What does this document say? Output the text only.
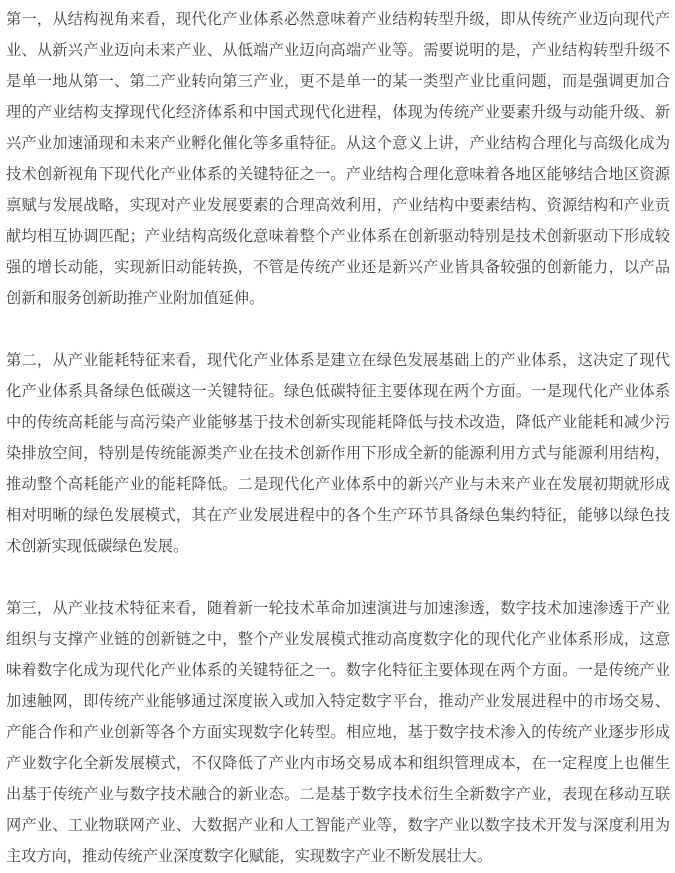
第一，从结构视角来看，现代化产业体系必然意味着产业结构转型升级，即从传统产业迈向现代产业、从新兴产业迈向未来产业、从低端产业迈向高端产业等。需要说明的是，产业结构转型升级不是单一地从第一、第二产业转向第三产业，更不是单一的某一类型产业比重问题，而是强调更加合理的产业结构支撑现代化经济体系和中国式现代化进程，体现为传统产业要素升级与动能升级、新兴产业加速涌现和未来产业孵化催化等多重特征。从这个意义上讲，产业结构合理化与高级化成为技术创新视角下现代化产业体系的关键特征之一。产业结构合理化意味着各地区能够结合地区资源禀赋与发展战略，实现对产业发展要素的合理高效利用，产业结构中要素结构、资源结构和产业贡献均相互协调匹配；产业结构高级化意味着整个产业体系在创新驱动特别是技术创新驱动下形成较强的增长动能，实现新旧动能转换，不管是传统产业还是新兴产业皆具备较强的创新能力，以产品创新和服务创新助推产业附加值延伸。

第二，从产业能耗特征来看，现代化产业体系是建立在绿色发展基础上的产业体系，这决定了现代化产业体系具备绿色低碳这一关键特征。绿色低碳特征主要体现在两个方面。一是现代化产业体系中的传统高耗能与高污染产业能够基于技术创新实现能耗降低与技术改造，降低产业能耗和减少污染排放空间，特别是传统能源类产业在技术创新作用下形成全新的能源利用方式与能源利用结构，推动整个高耗能产业的能耗降低。二是现代化产业体系中的新兴产业与未来产业在发展初期就形成相对明晰的绿色发展模式，其在产业发展进程中的各个生产环节具备绿色集约特征，能够以绿色技术创新实现低碳绿色发展。

第三，从产业技术特征来看，随着新一轮技术革命加速演进与加速渗透，数字技术加速渗透于产业组织与支撑产业链的创新链之中，整个产业发展模式推动高度数字化的现代化产业体系形成，这意味着数字化成为现代化产业体系的关键特征之一。数字化特征主要体现在两个方面。一是传统产业加速触网，即传统产业能够通过深度嵌入或加入特定数字平台，推动产业发展进程中的市场交易、产能合作和产业创新等各个方面实现数字化转型。相应地，基于数字技术渗入的传统产业逐步形成产业数字化全新发展模式，不仅降低了产业内市场交易成本和组织管理成本，在一定程度上也催生出基于传统产业与数字技术融合的新业态。二是基于数字技术衍生全新数字产业，表现在移动互联网产业、工业物联网产业、大数据产业和人工智能产业等，数字产业以数字技术开发与深度利用为主攻方向，推动传统产业深度数字化赋能，实现数字产业不断发展壮大。
